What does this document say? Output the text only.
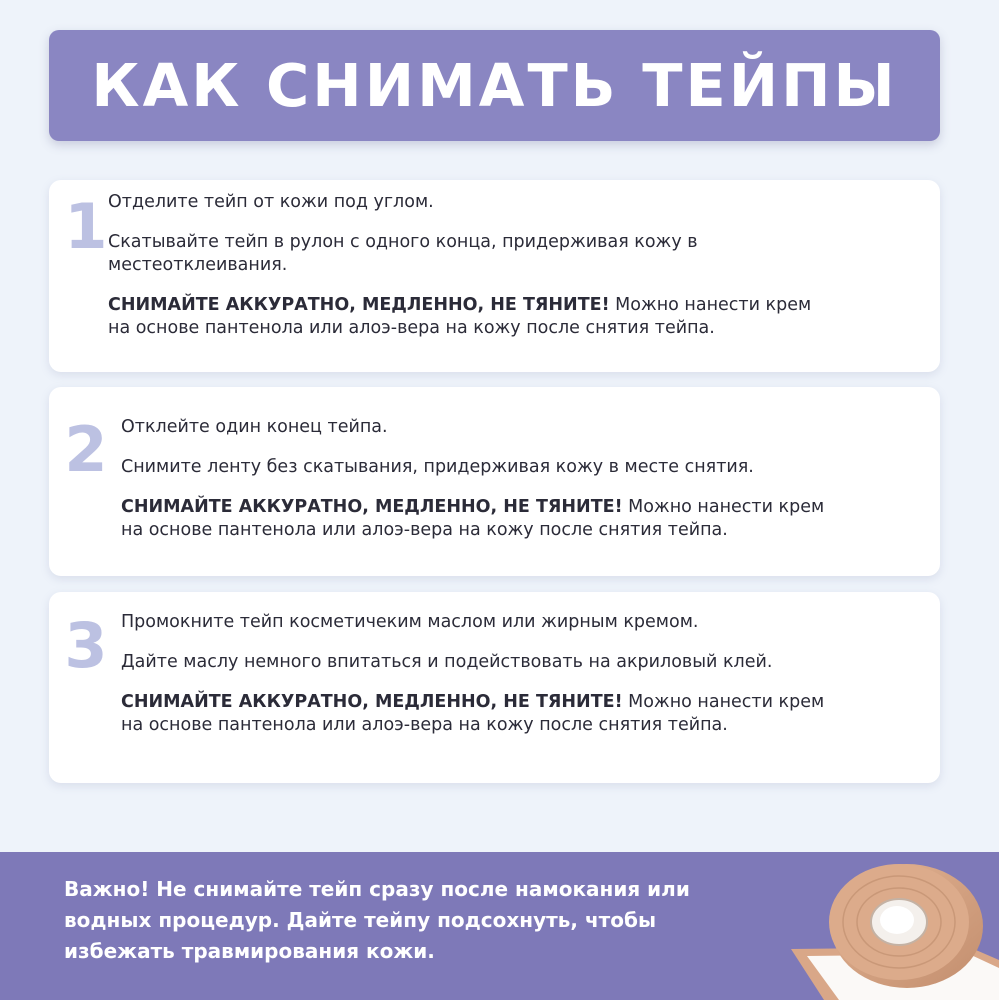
КАК СНИМАТЬ ТЕЙПЫ
1 Отделите тейп от кожи под углом.

Скатывайте тейп в рулон с одного конца, придерживая кожу в местеотклеивания.

СНИМАЙТЕ АККУРАТНО, МЕДЛЕННО, НЕ ТЯНИТЕ! Можно нанести крем на основе пантенола или алоэ-вера на кожу после снятия тейпа.

2 Отклейте один конец тейпа.

Снимите ленту без скатывания, придерживая кожу в месте снятия.

СНИМАЙТЕ АККУРАТНО, МЕДЛЕННО, НЕ ТЯНИТЕ! Можно нанести крем на основе пантенола или алоэ-вера на кожу после снятия тейпа.

3 Промокните тейп косметичеким маслом или жирным кремом.

Дайте маслу немного впитаться и подействовать на акриловый клей.

СНИМАЙТЕ АККУРАТНО, МЕДЛЕННО, НЕ ТЯНИТЕ! Можно нанести крем на основе пантенола или алоэ-вера на кожу после снятия тейпа.

Важно! Не снимайте тейп сразу после намокания или водных процедур. Дайте тейпу подсохнуть, чтобы избежать травмирования кожи.
